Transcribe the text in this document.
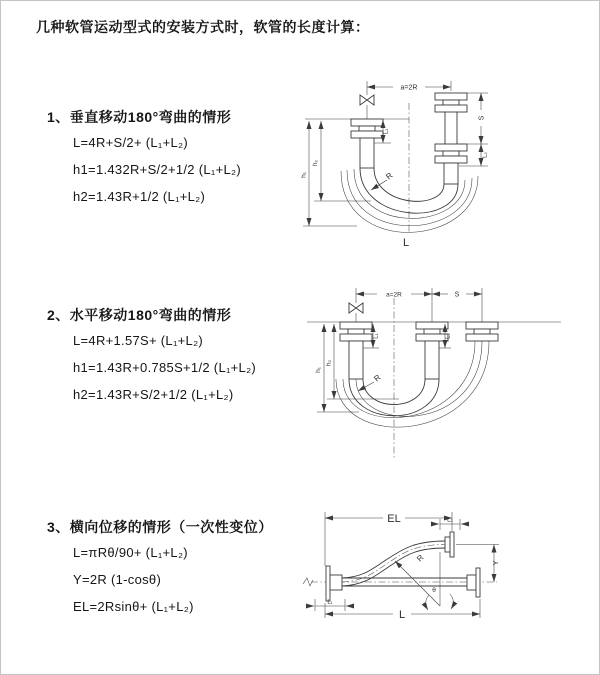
几种软管运动型式的安装方式时，软管的长度计算：
1、垂直移动180°弯曲的情形
L=4R+S/2+ (L₁+L₂)
h1=1.432R+S/2+1/2 (L₁+L₂)
h2=1.43R+1/2 (L₁+L₂)
2、水平移动180°弯曲的情形
L=4R+1.57S+ (L₁+L₂)
h1=1.43R+0.785S+1/2 (L₁+L₂)
h2=1.43R+S/2+1/2 (L₁+L₂)
3、横向位移的情形（一次性变位）
L=πRθ/90+ (L₁+L₂)
Y=2R (1-cosθ)
EL=2Rsinθ+ (L₁+L₂)
a=2R
R
S
L₂
L₁
h₂
h₁
L
a=2R	S
R
L₁	L₂
h₂
h₁
R
θ
EL	L₂
Y
L₁
L
